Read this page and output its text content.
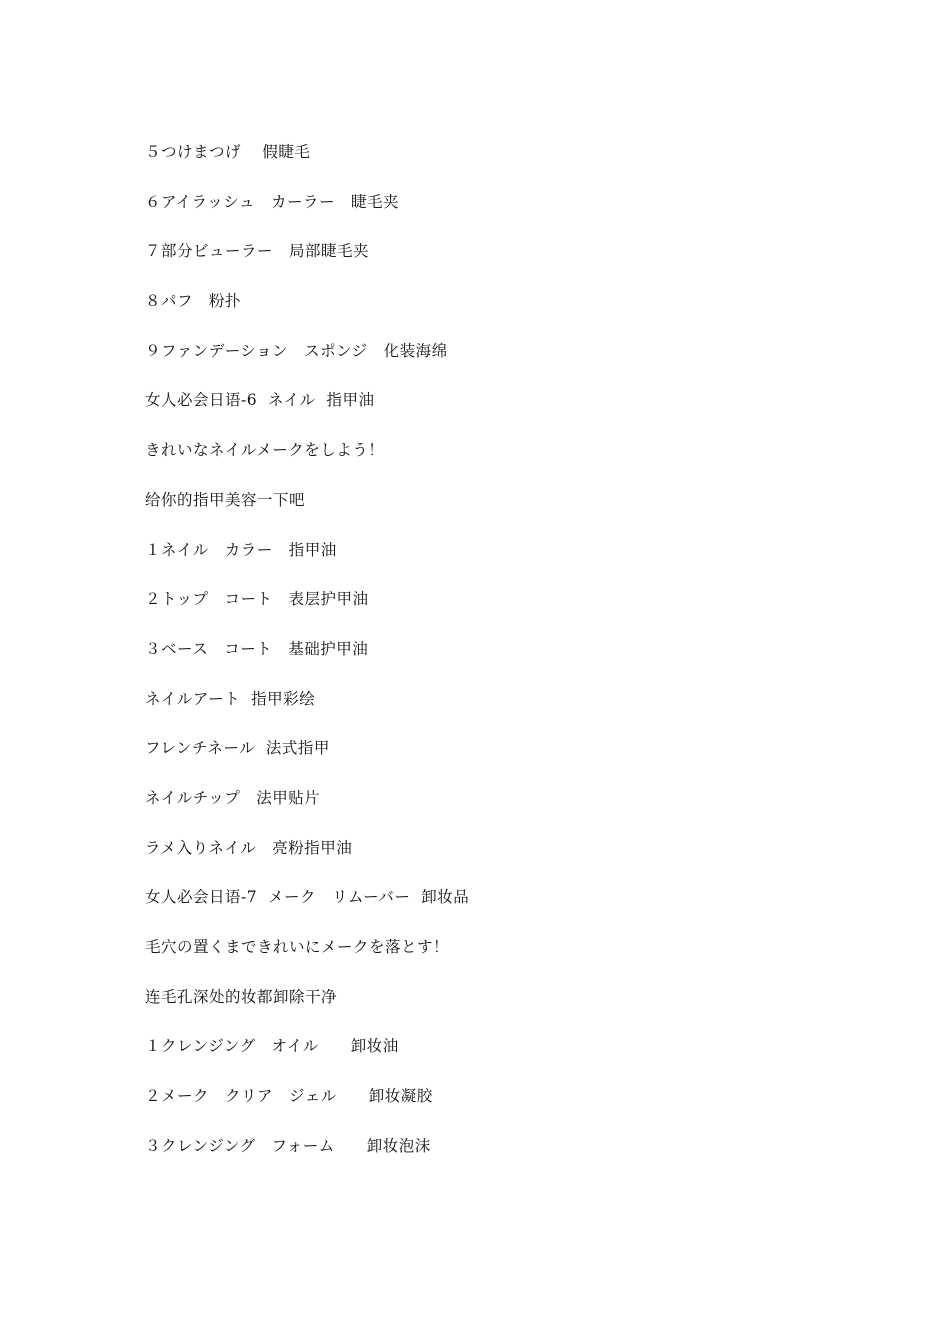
５つけまつげ　 假睫毛
６アイラッシュ　カーラー　睫毛夹
７部分ビューラー　局部睫毛夹
８パフ　粉扑
９ファンデーション　スポンジ　化装海绵
女人必会日语-6  ネイル  指甲油
きれいなネイルメークをしよう！
给你的指甲美容一下吧
１ネイル　カラー　指甲油
２トップ　コート　表层护甲油
３ベース　コート　基础护甲油
ネイルアート  指甲彩绘
フレンチネール  法式指甲
ネイルチップ　法甲贴片
ラメ入りネイル　亮粉指甲油
女人必会日语-7  メーク　リムーバー  卸妆品
毛穴の置くまできれいにメークを落とす！
连毛孔深处的妆都卸除干净
１クレンジング　オイル　　卸妆油
２メーク　クリア　ジェル　　卸妆凝胶
３クレンジング　フォーム　　卸妆泡沫
